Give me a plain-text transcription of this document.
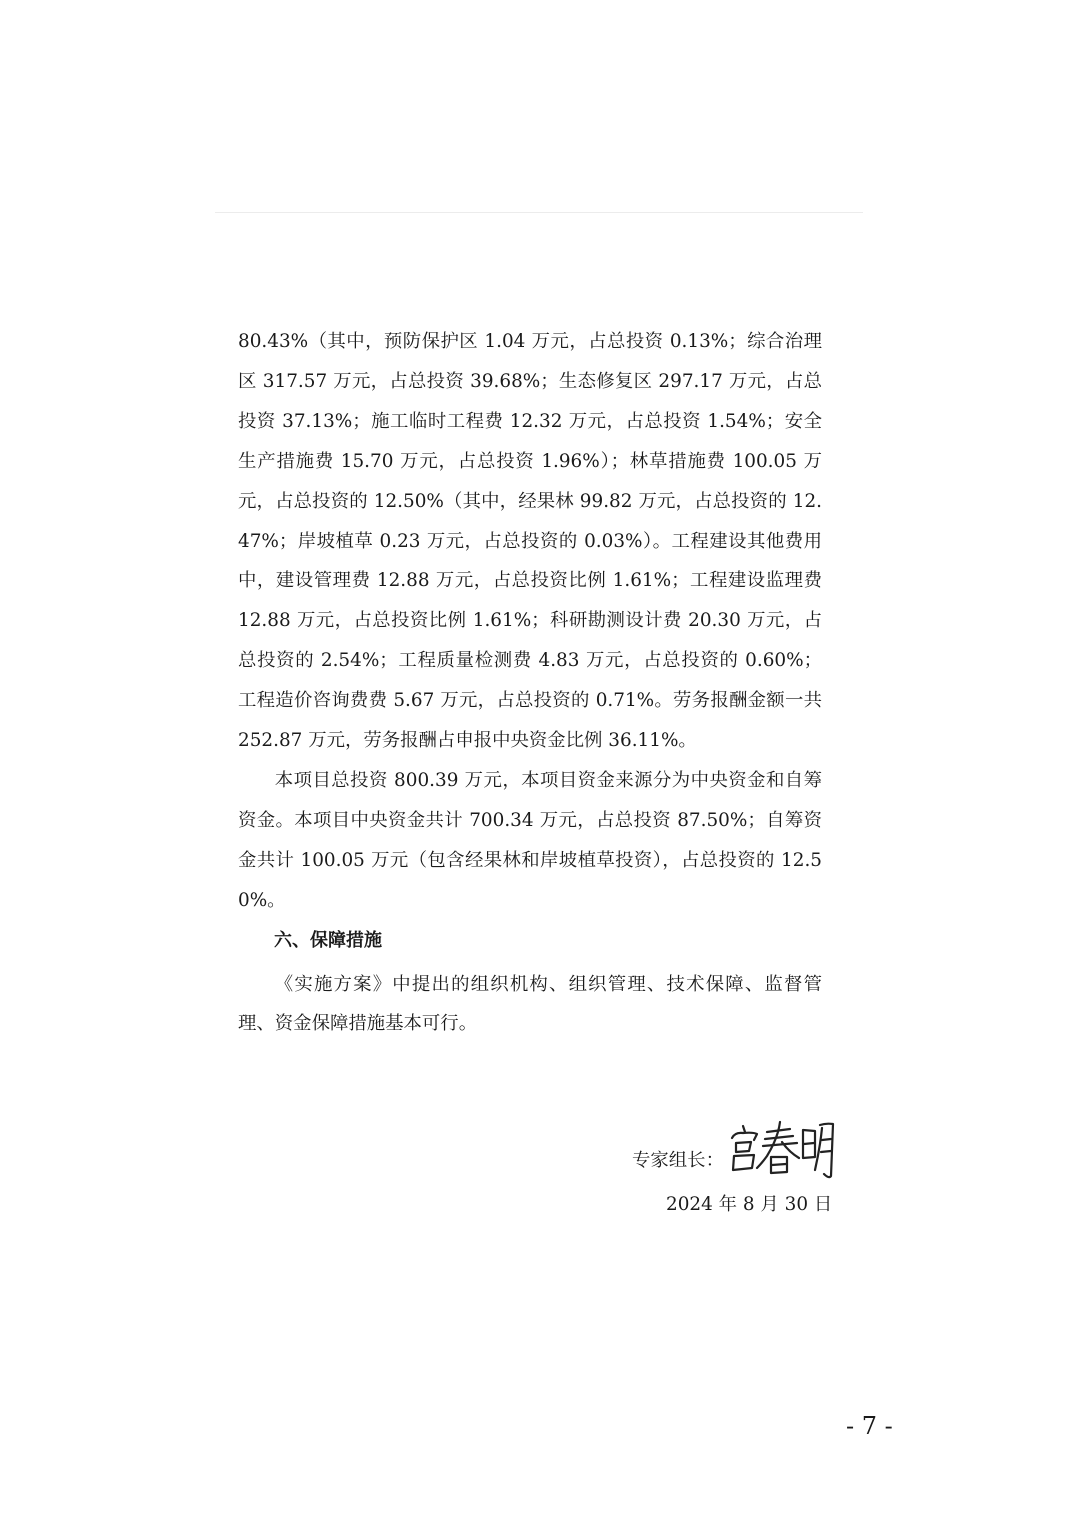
80.43%（其中，预防保护区 1.04 万元，占总投资 0.13%；综合治理区 317.57 万元，占总投资 39.68%；生态修复区 297.17 万元，占总投资 37.13%；施工临时工程费 12.32 万元，占总投资 1.54%；安全生产措施费 15.70 万元，占总投资 1.96%）；林草措施费 100.05 万元，占总投资的 12.50%（其中，经果林 99.82 万元，占总投资的 12.47%；岸坡植草 0.23 万元，占总投资的 0.03%）。工程建设其他费用中，建设管理费 12.88 万元，占总投资比例 1.61%；工程建设监理费 12.88 万元，占总投资比例 1.61%；科研勘测设计费 20.30 万元，占总投资的 2.54%；工程质量检测费 4.83 万元，占总投资的 0.60%； 工程造价咨询费费 5.67 万元，占总投资的 0.71%。劳务报酬金额一共 252.87 万元，劳务报酬占申报中央资金比例 36.11%。

本项目总投资 800.39 万元，本项目资金来源分为中央资金和自筹资金。本项目中央资金共计 700.34 万元，占总投资 87.50%；自筹资金共计 100.05 万元（包含经果林和岸坡植草投资），占总投资的 12.50%。

六、保障措施

《实施方案》中提出的组织机构、组织管理、技术保障、监督管理、资金保障措施基本可行。

专家组长：
2024 年 8 月 30 日
- 7 -
